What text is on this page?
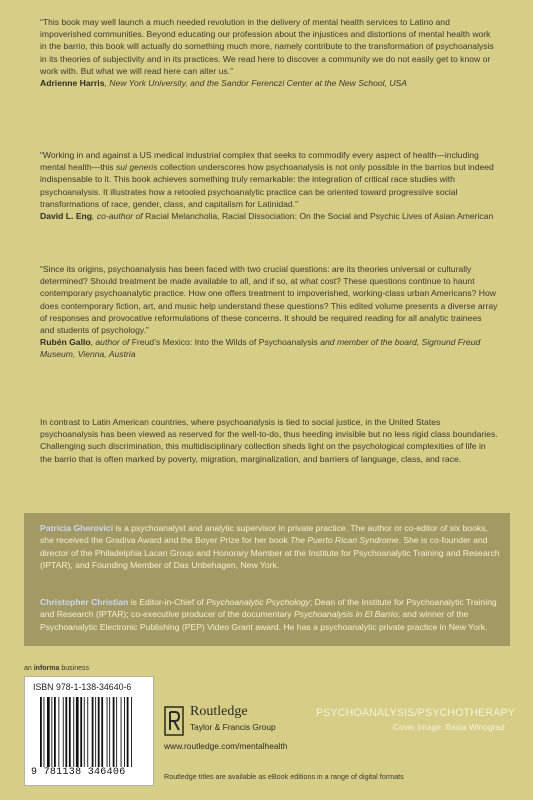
“This book may well launch a much needed revolution in the delivery of mental health services to Latino and impoverished communities. Beyond educating our profession about the injustices and distortions of mental health work in the barrio, this book will actually do something much more, namely contribute to the transformation of psychoanalysis in its theories of subjectivity and in its practices. We read here to discover a community we do not easily get to know or work with. But what we will read here can alter us.”

Adrienne Harris, New York University, and the Sandor Ferenczi Center at the New School, USA

“Working in and against a US medical industrial complex that seeks to commodify every aspect of health—including mental health—this sui generis collection underscores how psychoanalysis is not only possible in the barrios but indeed indispensable to it. This book achieves something truly remarkable: the integration of critical race studies with psychoanalysis. It illustrates how a retooled psychoanalytic practice can be oriented toward progressive social transformations of race, gender, class, and capitalism for Latinidad.”

David L. Eng, co-author of Racial Melancholia, Racial Dissociation: On the Social and Psychic Lives of Asian American

“Since its origins, psychoanalysis has been faced with two crucial questions: are its theories universal or culturally determined? Should treatment be made available to all, and if so, at what cost? These questions continue to haunt contemporary psychoanalytic practice. How one offers treatment to impoverished, working-class urban Americans? How does contemporary fiction, art, and music help understand these questions? This edited volume presents a diverse array of responses and provocative reformulations of these concerns. It should be required reading for all analytic trainees and students of psychology.”

Rubén Gallo, author of Freud’s Mexico: Into the Wilds of Psychoanalysis and member of the board, Sigmund Freud Museum, Vienna, Austria

In contrast to Latin American countries, where psychoanalysis is tied to social justice, in the United States psychoanalysis has been viewed as reserved for the well-to-do, thus heeding invisible but no less rigid class boundaries. Challenging such discrimination, this multidisciplinary collection sheds light on the psychological complexities of life in the barrio that is often marked by poverty, migration, marginalization, and barriers of language, class, and race.

Patricia Gherovici is a psychoanalyst and analytic supervisor in private practice. The author or co-editor of six books, she received the Gradiva Award and the Boyer Prize for her book The Puerto Rican Syndrome. She is co-founder and director of the Philadelphia Lacan Group and Honorary Member at the Institute for Psychoanalytic Training and Research (IPTAR), and Founding Member of Das Unbehagen, New York.

Christopher Christian is Editor-in-Chief of Psychoanalytic Psychology; Dean of the Institute for Psychoanalytic Training and Research (IPTAR); co-executive producer of the documentary Psychoanalysis in El Barrio; and winner of the Psychoanalytic Electronic Publishing (PEP) Video Grant award. He has a psychoanalytic private practice in New York.

an informa business
ISBN 978-1-138-34640-6
9 781138 346406
Routledge
Taylor & Francis Group
www.routledge.com/mentalhealth
PSYCHOANALYSIS/PSYCHOTHERAPY
Cover Image: Basia Winograd
Routledge titles are available as eBook editions in a range of digital formats
